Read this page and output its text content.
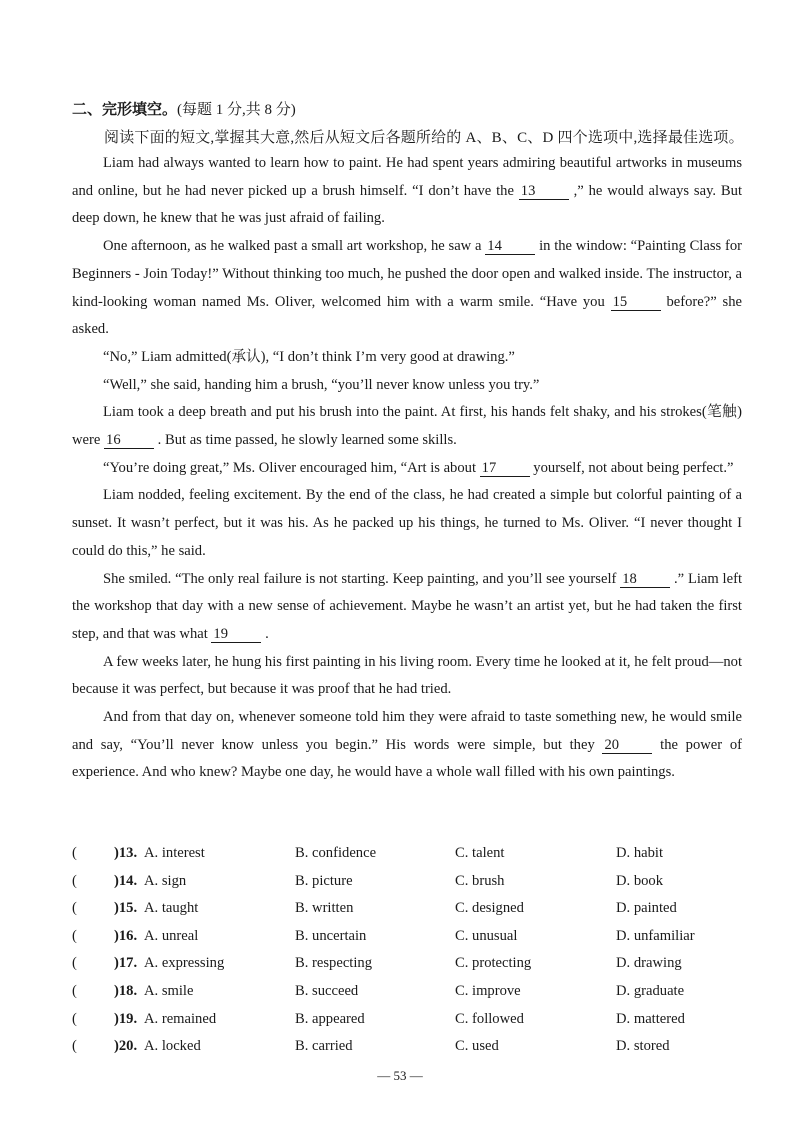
二、完形填空。(每题 1 分,共 8 分)
阅读下面的短文,掌握其大意,然后从短文后各题所给的 A、B、C、D 四个选项中,选择最佳选项。

Liam had always wanted to learn how to paint. He had spent years admiring beautiful artworks in museums and online, but he had never picked up a brush himself. “I don’t have the 13 ,” he would always say. But deep down, he knew that he was just afraid of failing.

One afternoon, as he walked past a small art workshop, he saw a 14 in the window: “Painting Class for Beginners - Join Today!” Without thinking too much, he pushed the door open and walked inside. The instructor, a kind-looking woman named Ms. Oliver, welcomed him with a warm smile. “Have you 15 before?” she asked.

“No,” Liam admitted(承认), “I don’t think I’m very good at drawing.”

“Well,” she said, handing him a brush, “you’ll never know unless you try.”

Liam took a deep breath and put his brush into the paint. At first, his hands felt shaky, and his strokes(笔触) were 16 . But as time passed, he slowly learned some skills.

“You’re doing great,” Ms. Oliver encouraged him, “Art is about 17 yourself, not about being perfect.”

Liam nodded, feeling excitement. By the end of the class, he had created a simple but colorful painting of a sunset. It wasn’t perfect, but it was his. As he packed up his things, he turned to Ms. Oliver. “I never thought I could do this,” he said.

She smiled. “The only real failure is not starting. Keep painting, and you’ll see yourself 18 .” Liam left the workshop that day with a new sense of achievement. Maybe he wasn’t an artist yet, but he had taken the first step, and that was what 19 .

A few weeks later, he hung his first painting in his living room. Every time he looked at it, he felt proud—not because it was perfect, but because it was proof that he had tried.

And from that day on, whenever someone told him they were afraid to taste something new, he would smile and say, “You’ll never know unless you begin.” His words were simple, but they 20 the power of experience. And who knew? Maybe one day, he would have a whole wall filled with his own paintings.

(	)13. A. interest	B. confidence	C. talent	D. habit
(	)14. A. sign	B. picture	C. brush	D. book
(	)15. A. taught	B. written	C. designed	D. painted
(	)16. A. unreal	B. uncertain	C. unusual	D. unfamiliar
(	)17. A. expressing	B. respecting	C. protecting	D. drawing
(	)18. A. smile	B. succeed	C. improve	D. graduate
(	)19. A. remained	B. appeared	C. followed	D. mattered
(	)20. A. locked	B. carried	C. used	D. stored
— 53 —
